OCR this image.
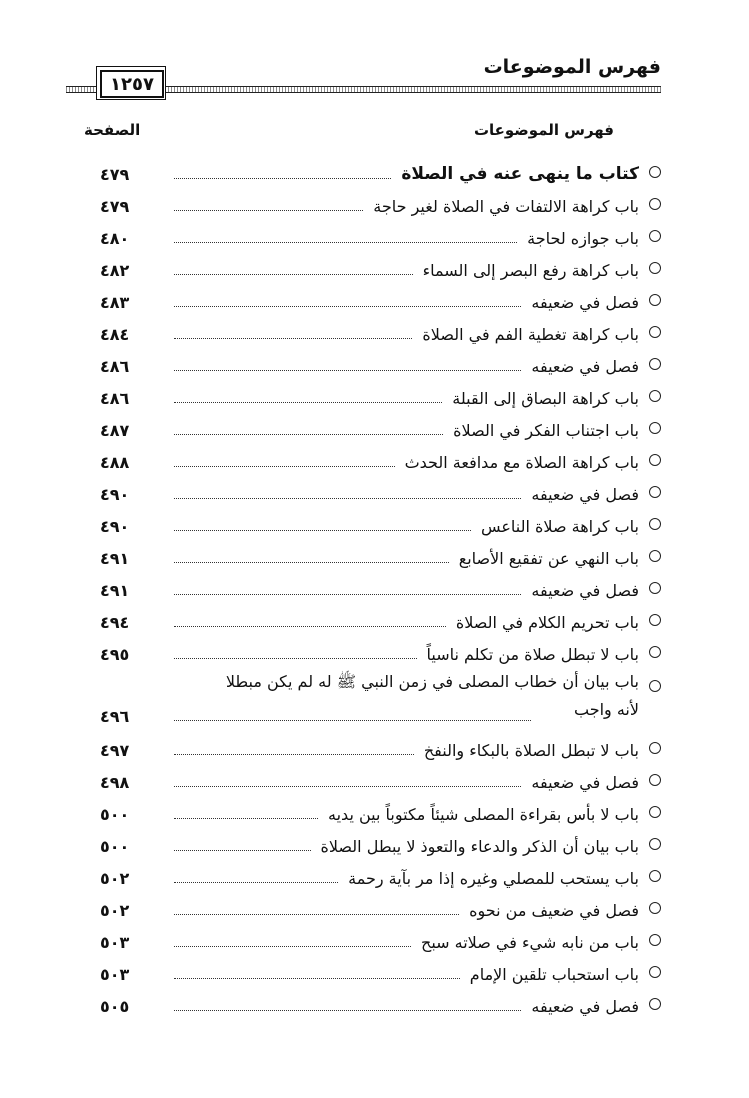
١٢٥٧
فهرس الموضوعات
فهرس الموضوعات
الصفحة
كتاب ما ينهى عنه في الصلاة
٤٧٩
باب كراهة الالتفات في الصلاة لغير حاجة
٤٧٩
باب جوازه لحاجة
٤٨٠
باب كراهة رفع البصر إلى السماء
٤٨٢
فصل في ضعيفه
٤٨٣
باب كراهة تغطية الفم في الصلاة
٤٨٤
فصل في ضعيفه
٤٨٦
باب كراهة البصاق إلى القبلة
٤٨٦
باب اجتناب الفكر في الصلاة
٤٨٧
باب كراهة الصلاة مع مدافعة الحدث
٤٨٨
فصل في ضعيفه
٤٩٠
باب كراهة صلاة الناعس
٤٩٠
باب النهي عن تفقيع الأصابع
٤٩١
فصل في ضعيفه
٤٩١
باب تحريم الكلام في الصلاة
٤٩٤
باب لا تبطل صلاة من تكلم ناسياً
٤٩٥
باب بيان أن خطاب المصلى في زمن النبي ﷺ له لم يكن مبطلا
لأنه واجب
٤٩٦
باب لا تبطل الصلاة بالبكاء والنفخ
٤٩٧
فصل في ضعيفه
٤٩٨
باب لا بأس بقراءة المصلى شيئاً مكتوباً بين يديه
٥٠٠
باب بيان أن الذكر والدعاء والتعوذ لا يبطل الصلاة
٥٠٠
باب يستحب للمصلي وغيره إذا مر بآية رحمة
٥٠٢
فصل في ضعيف من نحوه
٥٠٢
باب من نابه شيء في صلاته سبح
٥٠٣
باب استحباب تلقين الإمام
٥٠٣
فصل في ضعيفه
٥٠٥
